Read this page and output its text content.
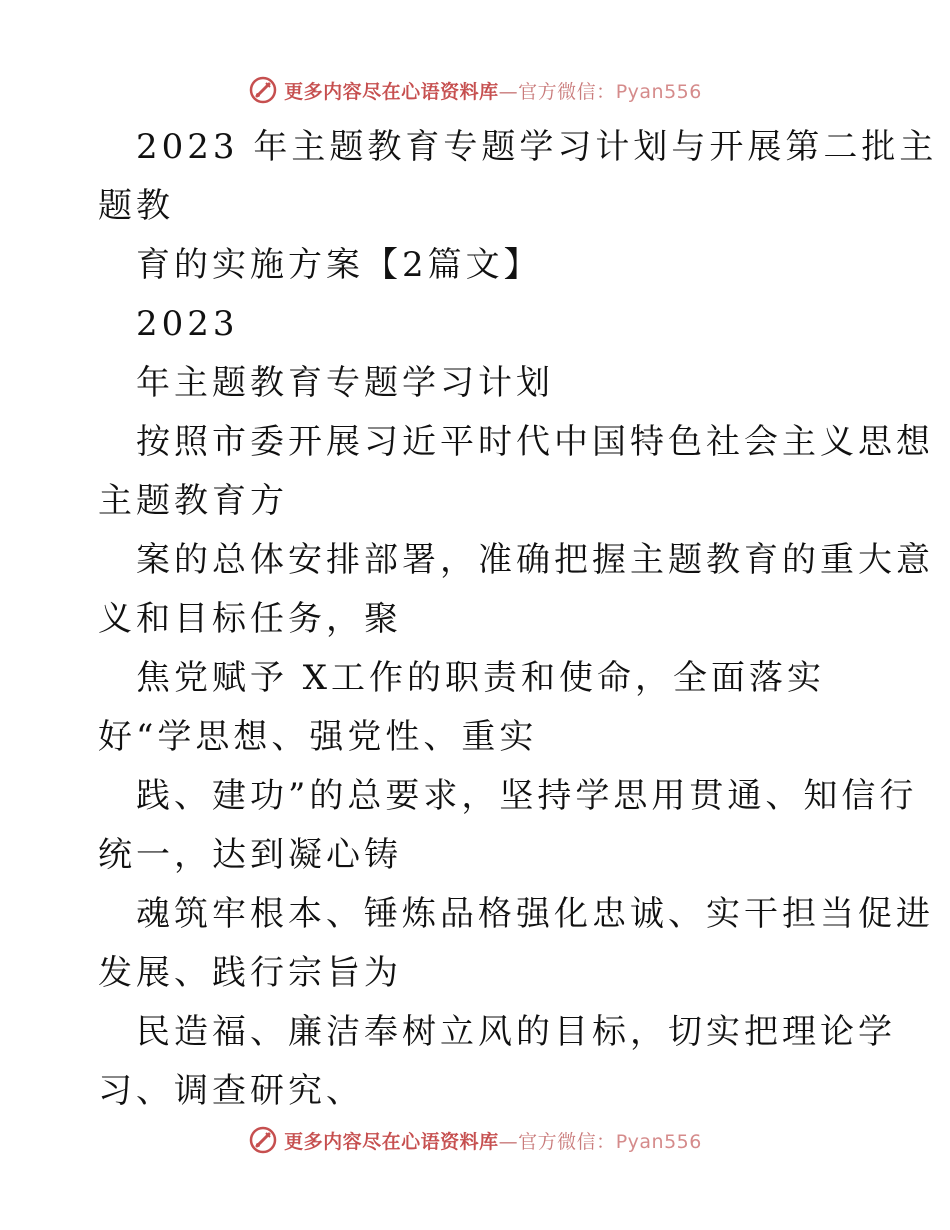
更多内容尽在心语资料库—官方微信：Pyan556
2023 年主题教育专题学习计划与开展第二批主
题教
育的实施方案【2篇文】
2023
年主题教育专题学习计划
按照市委开展习近平时代中国特色社会主义思想
主题教育方
案的总体安排部署，准确把握主题教育的重大意
义和目标任务，聚
焦党赋予 X工作的职责和使命，全面落实
好“学思想、强党性、重实
践、建功”的总要求，坚持学思用贯通、知信行
统一，达到凝心铸
魂筑牢根本、锤炼品格强化忠诚、实干担当促进
发展、践行宗旨为
民造福、廉洁奉树立风的目标，切实把理论学
习、调查研究、
更多内容尽在心语资料库—官方微信：Pyan556
